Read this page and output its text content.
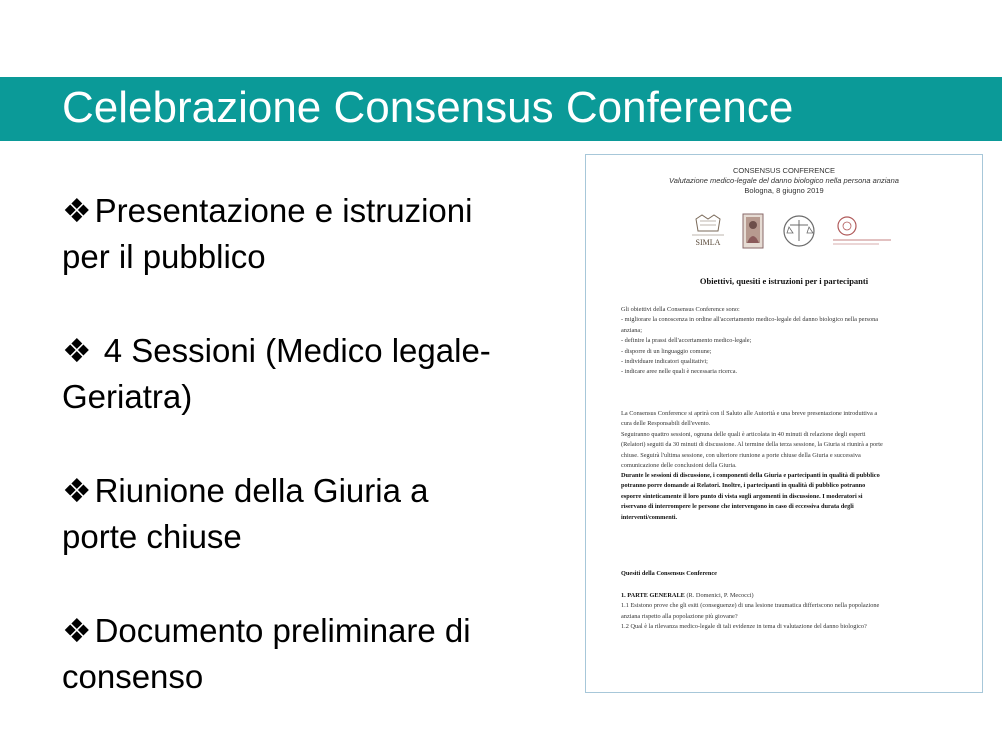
Celebrazione Consensus Conference
❖Presentazione e istruzioni
per il pubblico
❖ 4 Sessioni (Medico legale-
Geriatra)
❖Riunione della Giuria a
porte chiuse
❖Documento preliminare di
consenso
CONSENSUS CONFERENCE
Valutazione medico-legale del danno biologico nella persona anziana
Bologna, 8 giugno 2019
SIMLA
Obiettivi, quesiti e istruzioni per i partecipanti
Gli obiettivi della Consensus Conference sono:
- migliorare la conoscenza in ordine all'accertamento medico-legale del danno biologico nella persona
anziana;
- definire la prassi dell'accertamento medico-legale;
- disporre di un linguaggio comune;
- individuare indicatori qualitativi;
- indicare aree nelle quali è necessaria ricerca.
La Consensus Conference si aprirà con il Saluto alle Autorità e una breve presentazione introduttiva a
cura delle Responsabili dell'evento.
Seguiranno quattro sessioni, ognuna delle quali è articolata in 40 minuti di relazione degli esperti
(Relatori) seguiti da 30 minuti di discussione. Al termine della terza sessione, la Giuria si riunirà a porte
chiuse. Seguirà l'ultima sessione, con ulteriore riunione a porte chiuse della Giuria e successiva
comunicazione delle conclusioni della Giuria.
Durante le sessioni di discussione, i componenti della Giuria e partecipanti in qualità di pubblico
potranno porre domande ai Relatori. Inoltre, i partecipanti in qualità di pubblico potranno
esporre sinteticamente il loro punto di vista sugli argomenti in discussione. I moderatori si
riservano di interrompere le persone che intervengono in caso di eccessiva durata degli
interventi/commenti.
Quesiti della Consensus Conference
1. PARTE GENERALE (R. Domenici, P. Mecocci)
1.1 Esistono prove che gli esiti (conseguenze) di una lesione traumatica differiscono nella popolazione
anziana rispetto alla popolazione più giovane?
1.2 Qual è la rilevanza medico-legale di tali evidenze in tema di valutazione del danno biologico?
